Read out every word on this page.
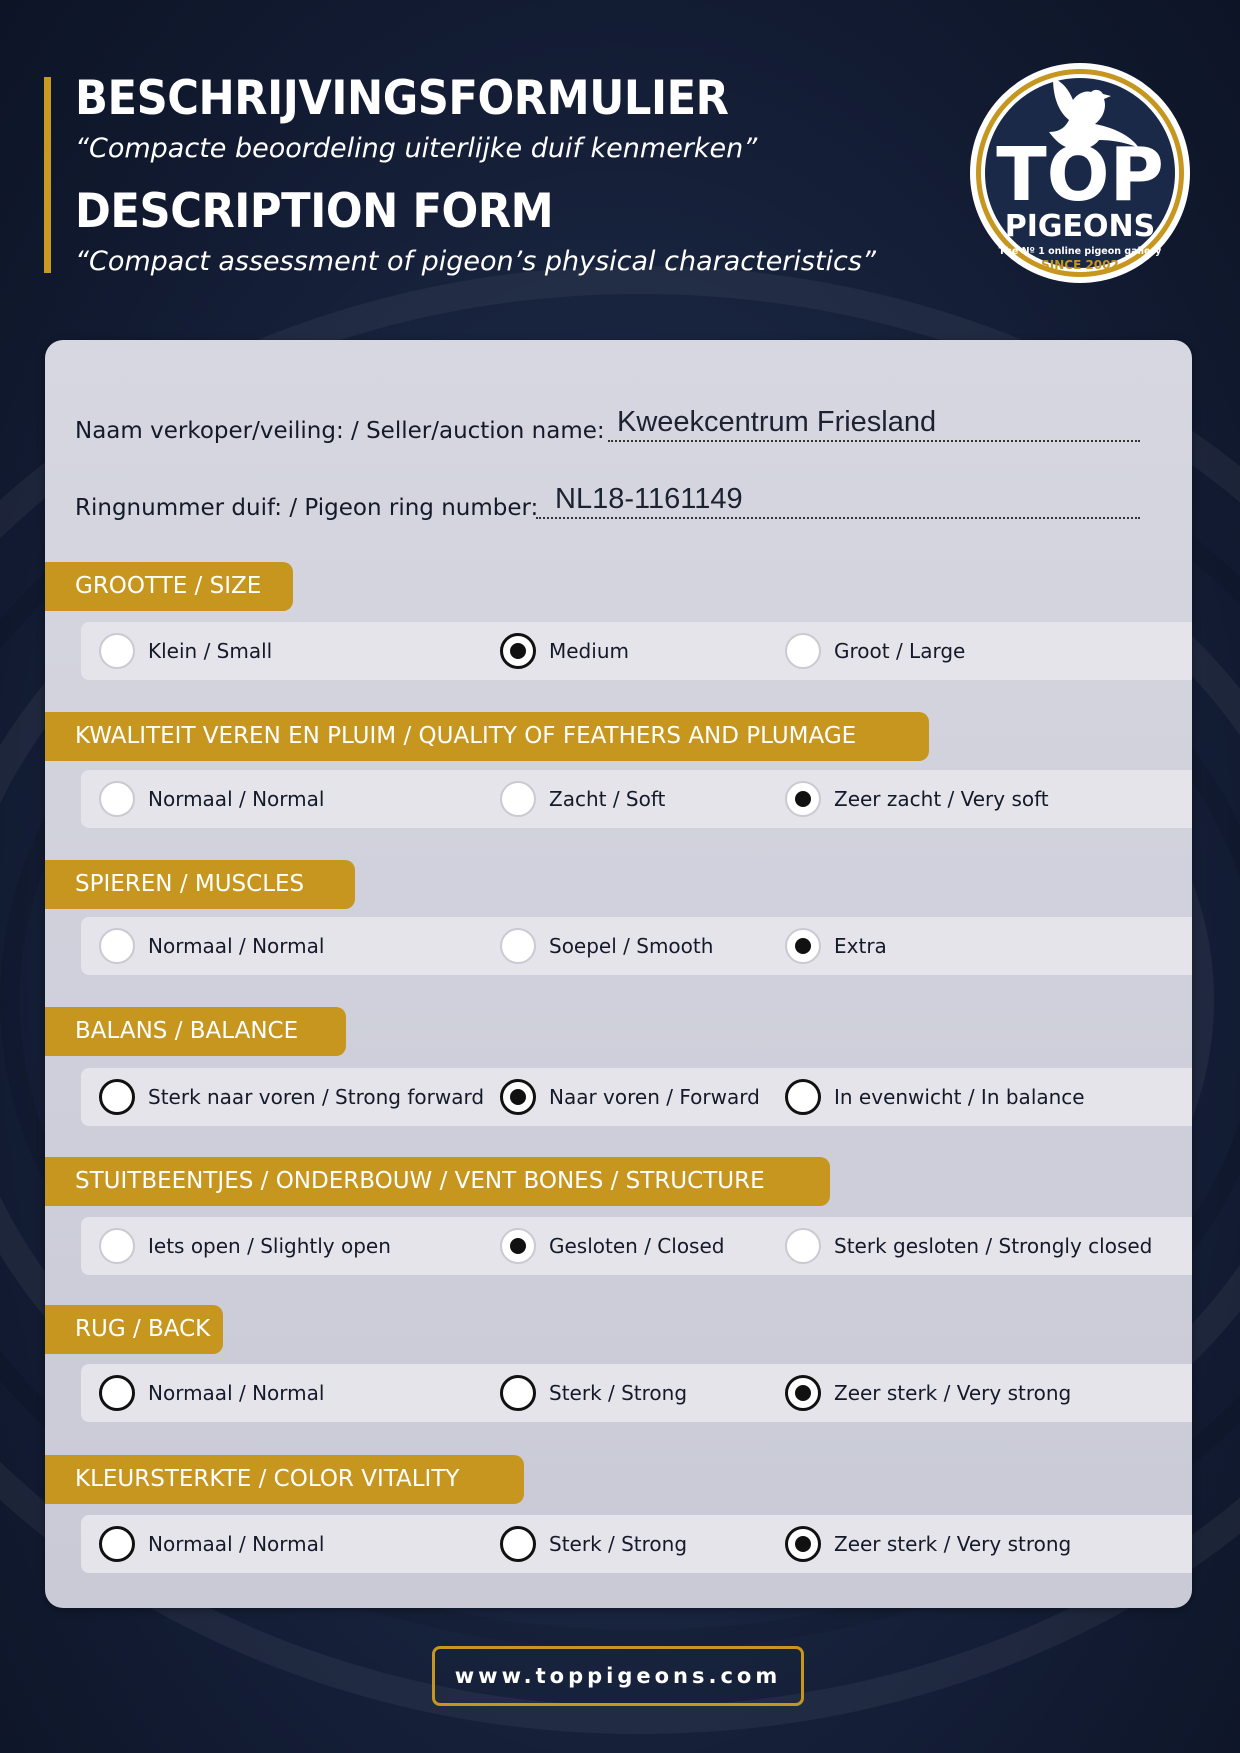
BESCHRIJVINGSFORMULIER

“Compacte beoordeling uiterlijke duif kenmerken”

DESCRIPTION FORM

“Compact assessment of pigeon’s physical characteristics”

TOP
PIGEONS
The Nº 1 online pigeon gallery
SINCE 2002
Naam verkoper/veiling: / Seller/auction name: Kweekcentrum Friesland
Ringnummer duif: / Pigeon ring number: NL18-1161149
GROOTTE / SIZE
Klein / Small	Medium	Groot / Large
KWALITEIT VEREN EN PLUIM / QUALITY OF FEATHERS AND PLUMAGE
Normaal / Normal	Zacht / Soft	Zeer zacht / Very soft
SPIEREN / MUSCLES
Normaal / Normal	Soepel / Smooth	Extra
BALANS / BALANCE
Sterk naar voren / Strong forward	Naar voren / Forward	In evenwicht / In balance
STUITBEENTJES / ONDERBOUW / VENT BONES / STRUCTURE
Iets open / Slightly open	Gesloten / Closed	Sterk gesloten / Strongly closed
RUG / BACK
Normaal / Normal	Sterk / Strong	Zeer sterk / Very strong
KLEURSTERKTE / COLOR VITALITY
Normaal / Normal	Sterk / Strong	Zeer sterk / Very strong
www.toppigeons.com
